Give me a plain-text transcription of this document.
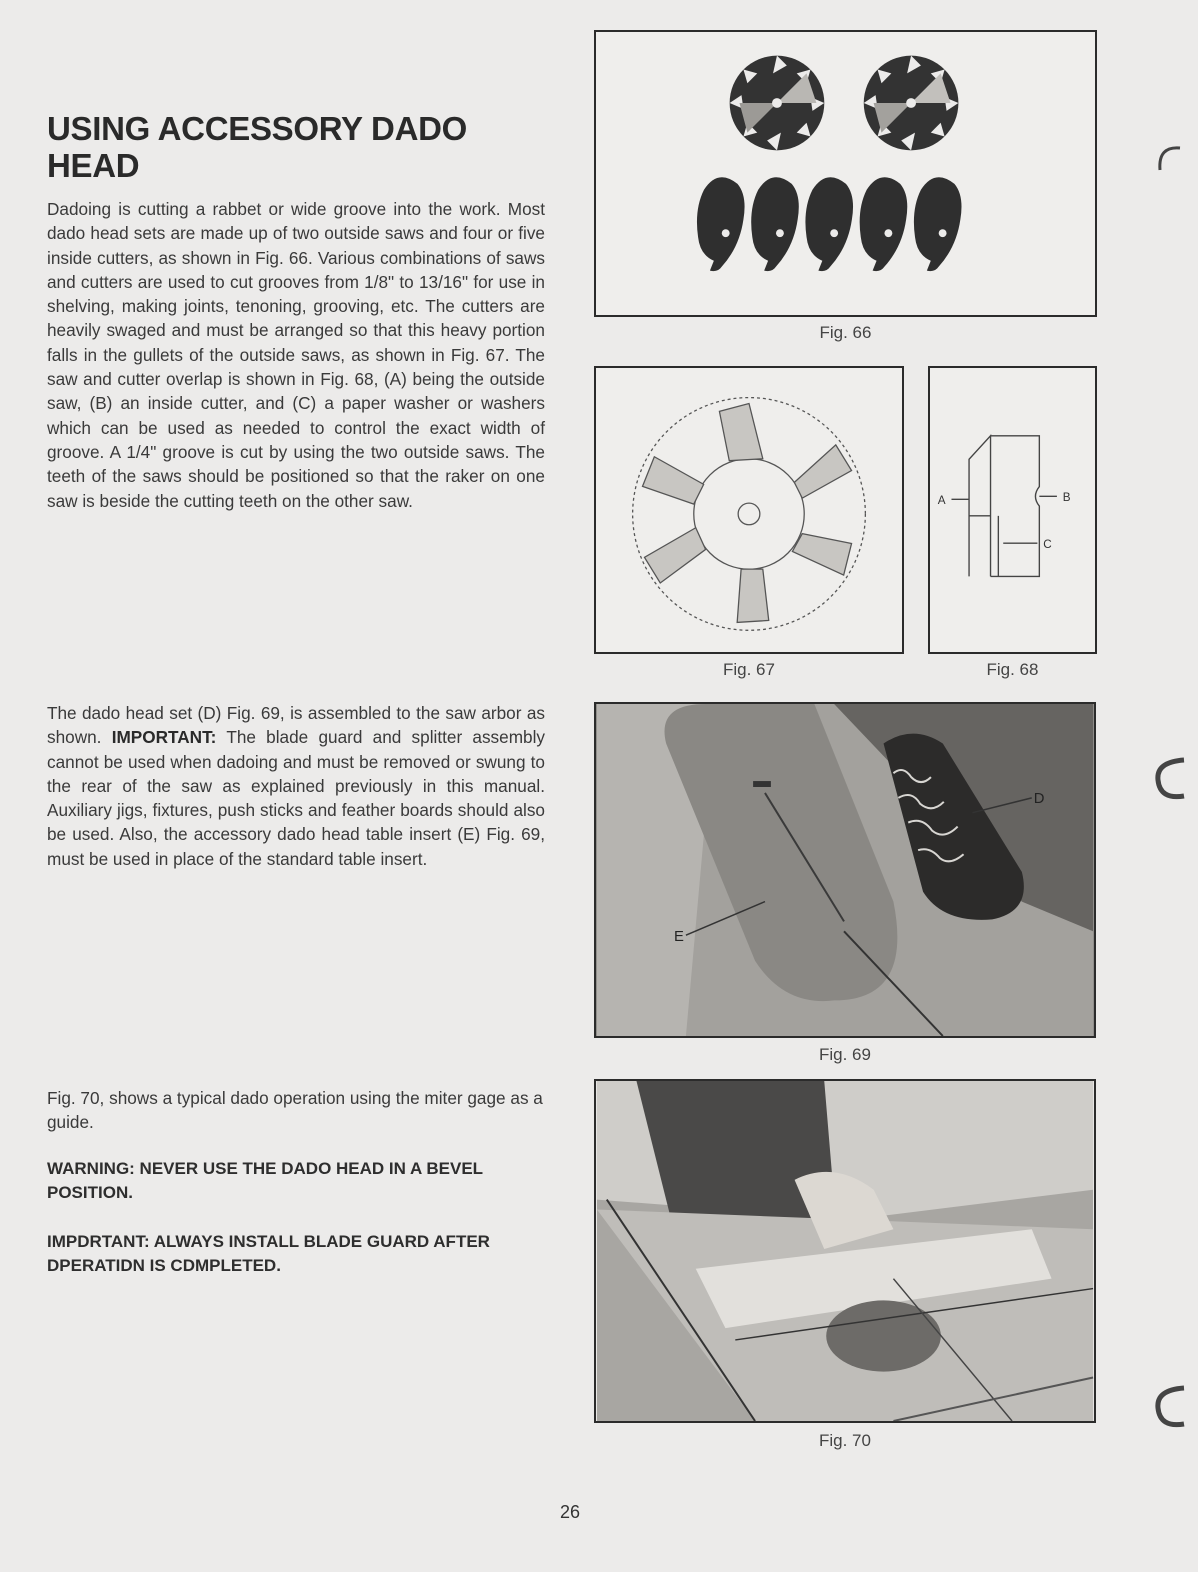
USING ACCESSORY DADO HEAD

Dadoing is cutting a rabbet or wide groove into the work. Most dado head sets are made up of two outside saws and four or five inside cutters, as shown in Fig. 66. Various combinations of saws and cutters are used to cut grooves from 1/8" to 13/16" for use in shelving, making joints, tenoning, grooving, etc. The cutters are heavily swaged and must be arranged so that this heavy portion falls in the gullets of the outside saws, as shown in Fig. 67. The saw and cutter overlap is shown in Fig. 68, (A) being the outside saw, (B) an inside cutter, and (C) a paper washer or washers which can be used as needed to control the exact width of groove. A 1/4" groove is cut by using the two outside saws. The teeth of the saws should be positioned so that the raker on one saw is beside the cutting teeth on the other saw.

The dado head set (D) Fig. 69, is assembled to the saw arbor as shown. IMPORTANT: The blade guard and splitter assembly cannot be used when dadoing and must be removed or swung to the rear of the saw as explained previously in this manual. Auxiliary jigs, fixtures, push sticks and feather boards should also be used. Also, the accessory dado head table insert (E) Fig. 69, must be used in place of the standard table insert.

Fig. 70, shows a typical dado operation using the miter gage as a guide.

WARNING: NEVER USE THE DADO HEAD IN A BEVEL POSITION.

IMPDRTANT: ALWAYS INSTALL BLADE GUARD AFTER DPERATIDN IS CDMPLETED.

Fig. 66
Fig. 67
A	B
C
Fig. 68
D
E
Fig. 69
Fig. 70
26
